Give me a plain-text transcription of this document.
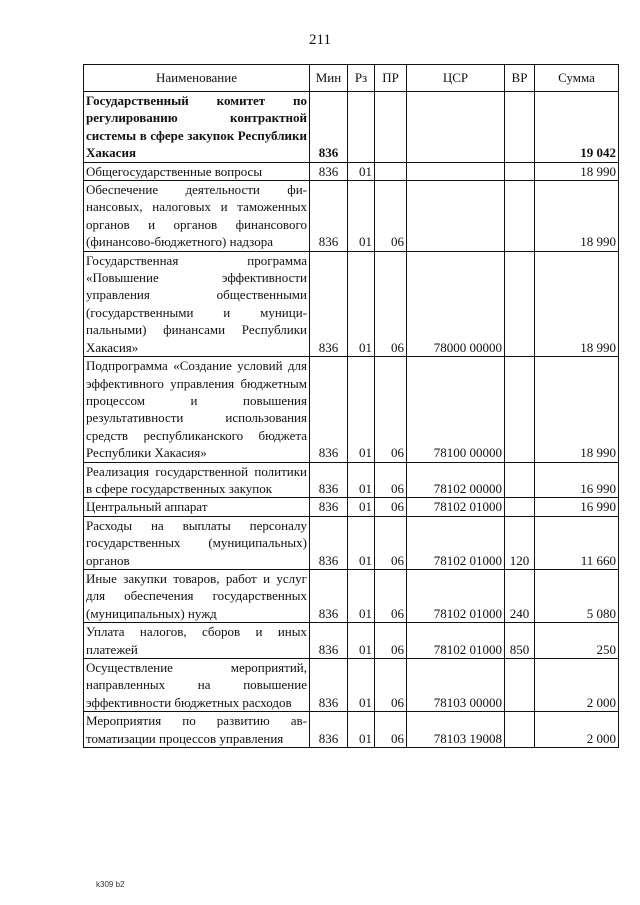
211
Наименование	Мин	Рз	ПР	ЦСР	ВР	Сумма
Государственный комитет по регулированию контрактной системы в сфере закупок Республики Хакасия	836					19 042
Общегосударственные вопросы	836	01				18 990
Обеспечение деятельности финансовых, налоговых и таможенных органов и органов финансового (финансово-бюджетного) надзора	836	01	06			18 990
Государственная программа «Повышение эффективности управления общественными (государственными и муниципальными) финансами Республики Хакасия»	836	01	06	78000 00000		18 990
Подпрограмма «Создание условий для эффективного управления бюджетным процессом и повышения результативности использования средств республиканского бюджета Республики Хакасия»	836	01	06	78100 00000		18 990
Реализация государственной политики в сфере государственных закупок	836	01	06	78102 00000		16 990
Центральный аппарат	836	01	06	78102 01000		16 990
Расходы на выплаты персоналу государственных (муниципальных) органов	836	01	06	78102 01000	120	11 660
Иные закупки товаров, работ и услуг для обеспечения государственных (муниципальных) нужд	836	01	06	78102 01000	240	5 080
Уплата налогов, сборов и иных платежей	836	01	06	78102 01000	850	250
Осуществление мероприятий, направленных на повышение эффективности бюджетных расходов	836	01	06	78103 00000		2 000
Мероприятия по развитию автоматизации процессов управления	836	01	06	78103 19008		2 000
k309 b2
